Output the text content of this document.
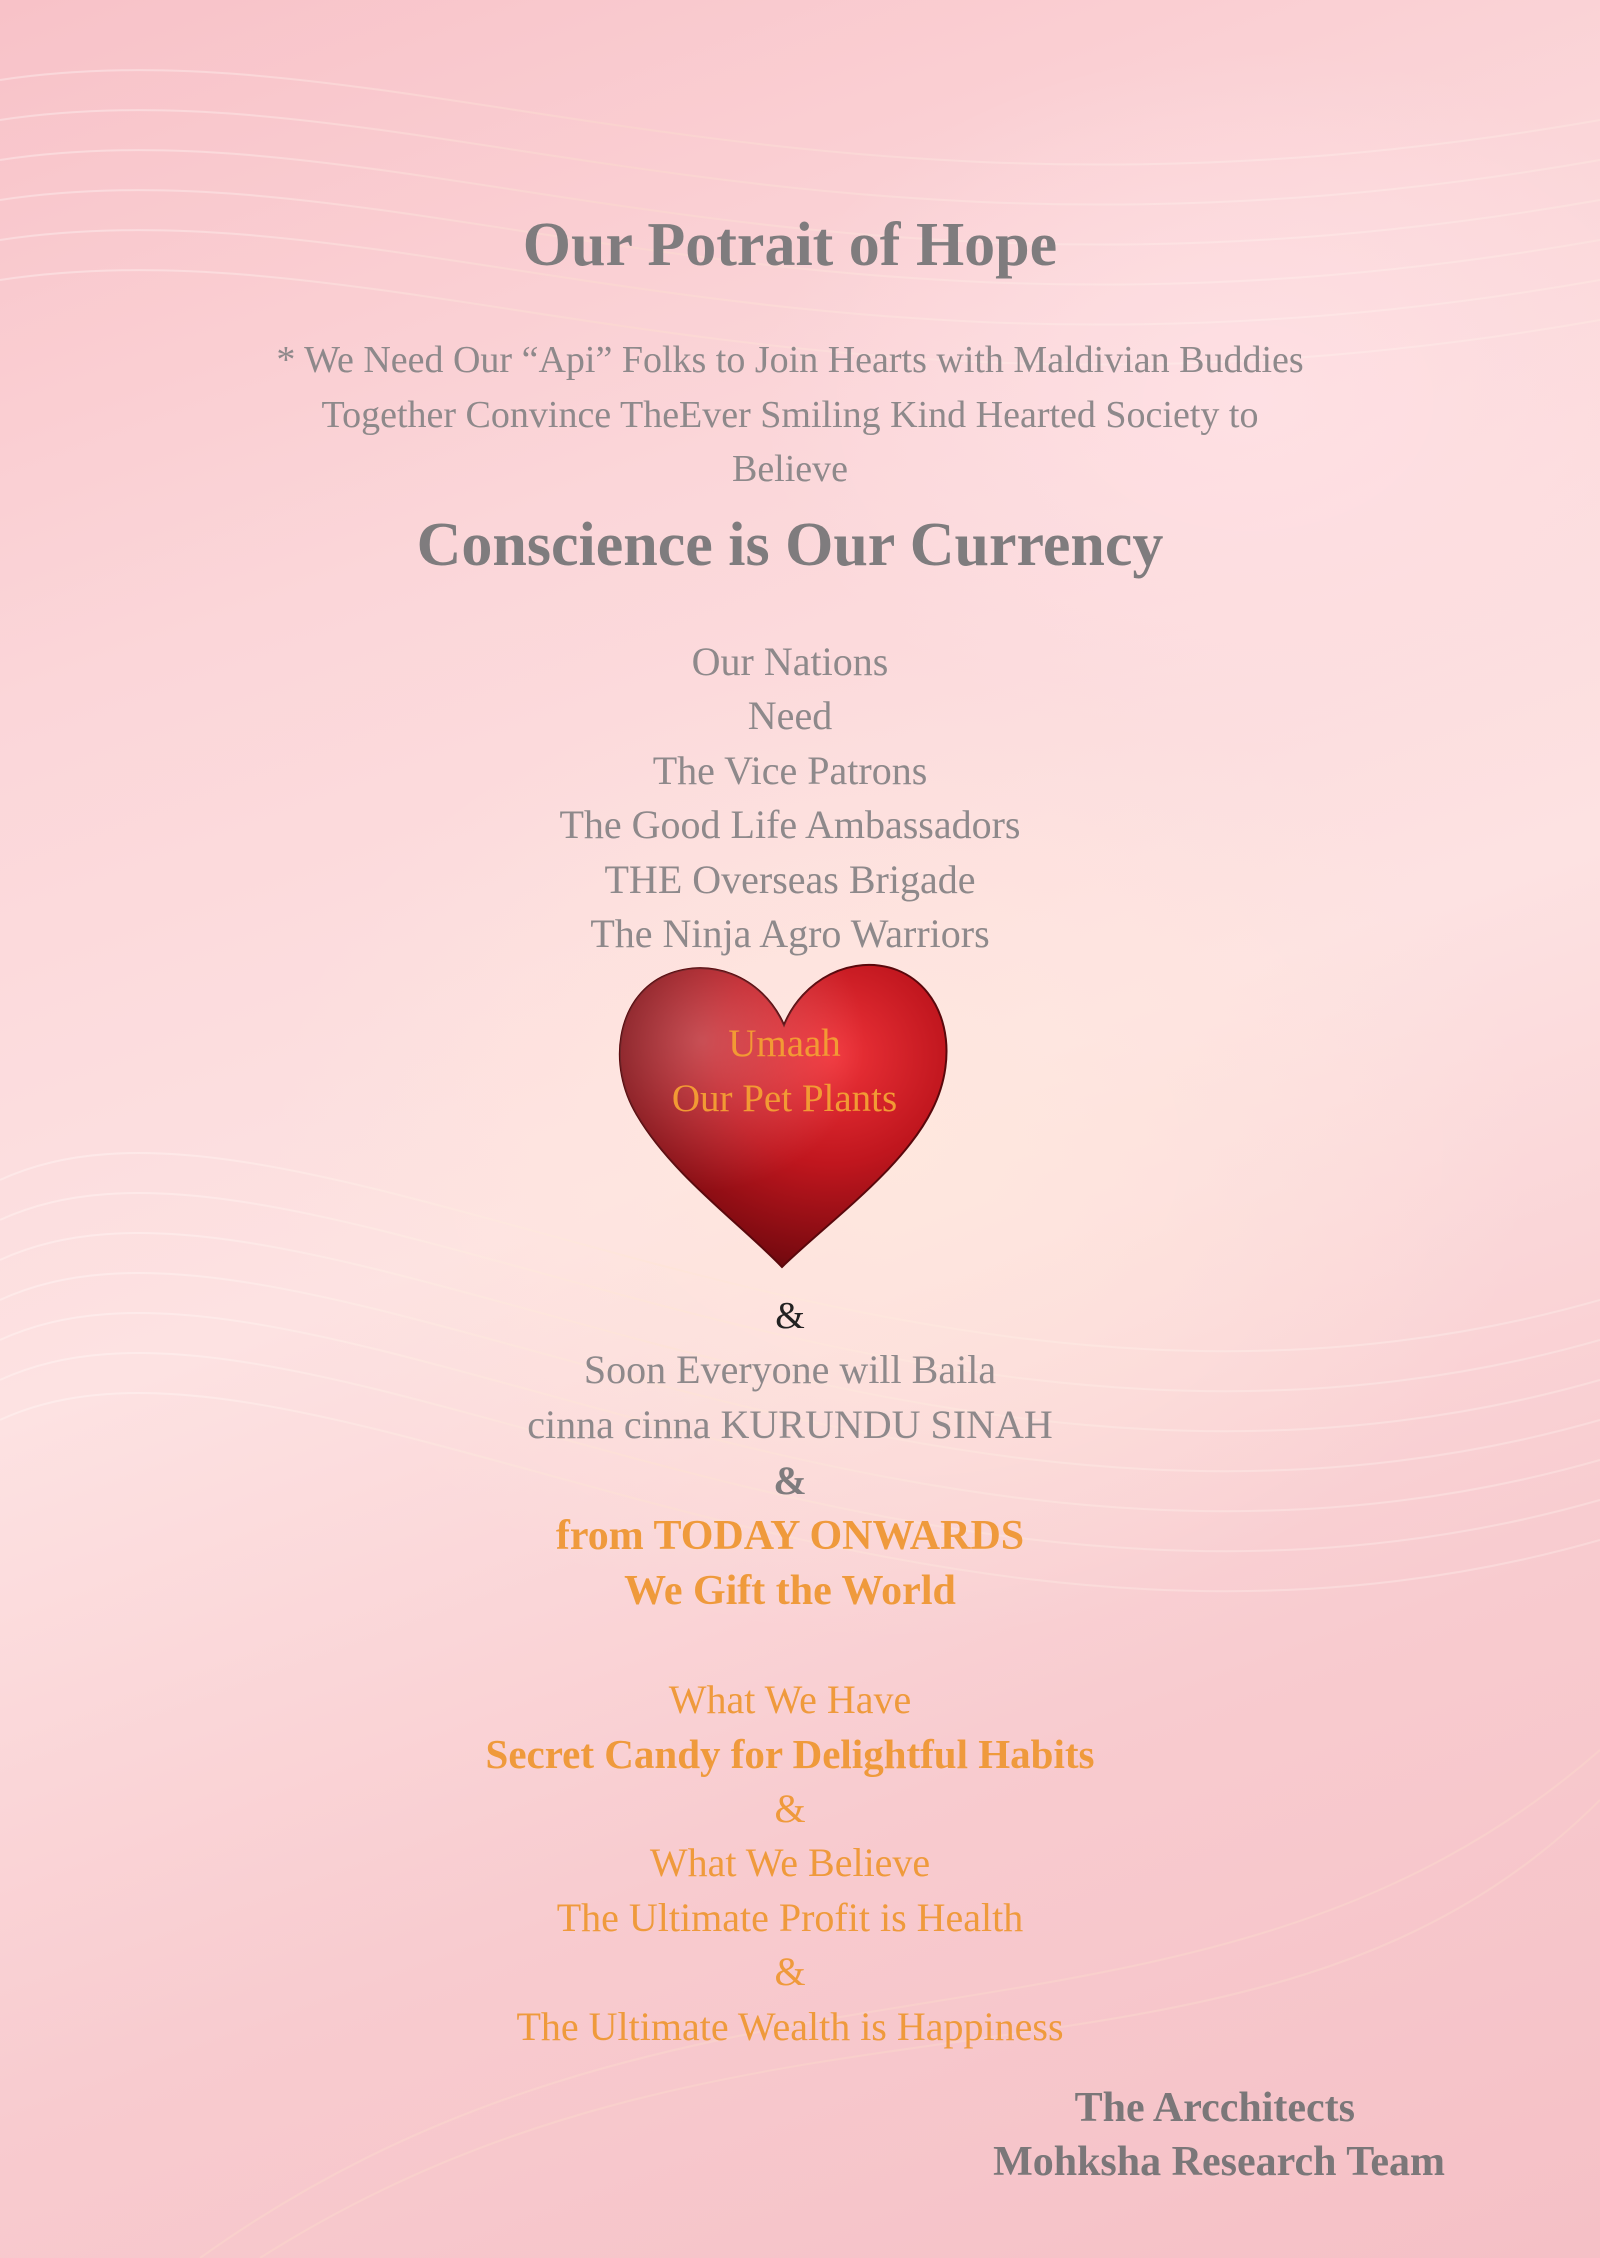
Our Potrait of Hope
* We Need Our “Api” Folks to Join Hearts with Maldivian Buddies
Together Convince TheEver Smiling Kind Hearted Society to
Believe
Conscience is Our Currency
Our Nations
Need
The Vice Patrons
The Good Life Ambassadors
THE Overseas Brigade
The Ninja Agro Warriors
Umaah
Our Pet Plants
&
Soon Everyone will Baila
cinna cinna KURUNDU SINAH
&
from TODAY ONWARDS
We Gift the World
What We Have
Secret Candy for Delightful Habits
&
What We Believe
The Ultimate Profit is Health
&
The Ultimate Wealth is Happiness
The Arcchitects
Mohksha Research Team
